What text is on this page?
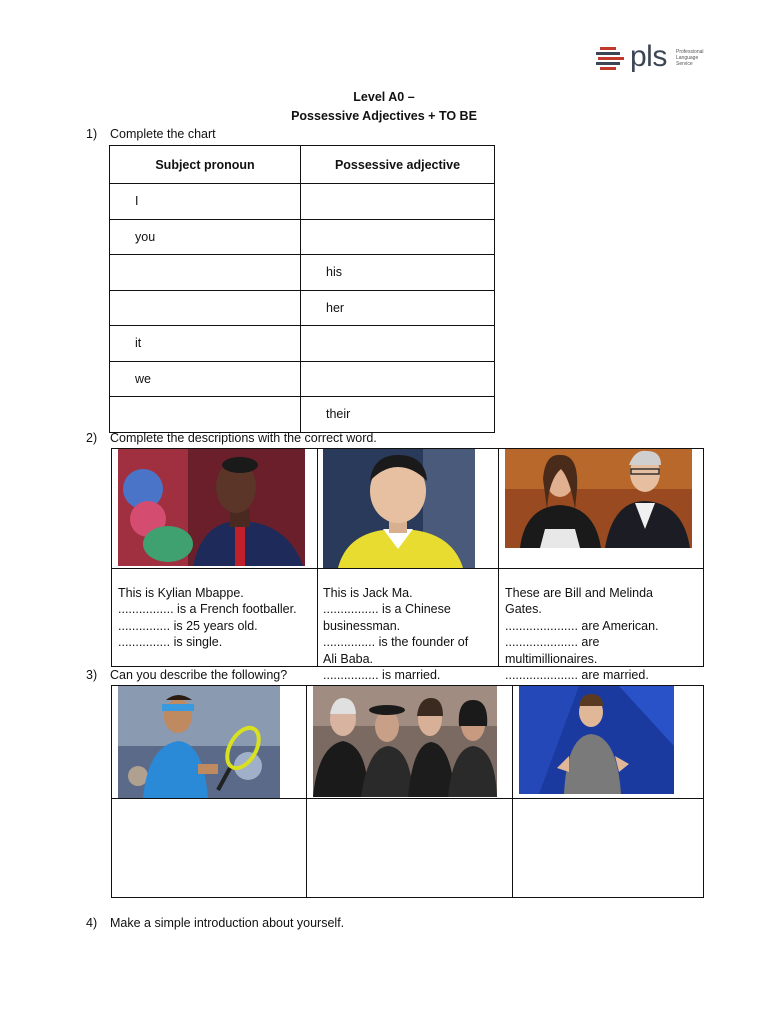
pls Professional Language Service
Level A0 –
Possessive Adjectives + TO BE
1) Complete the chart
Subject pronoun	Possessive adjective
I	
you	
	his
	her
it	
we	
	their
2) Complete the descriptions with the correct word.

This is Kylian Mbappe.
................ is a French footballer.
............... is 25 years old.
............... is single.

This is Jack Ma.
................ is a Chinese
businessman.
............... is the founder of
Ali Baba.
................ is married.

These are Bill and Melinda
Gates.
..................... are American.
..................... are
multimillionaires.
..................... are married.

3) Can you describe the following?

4) Make a simple introduction about yourself.
